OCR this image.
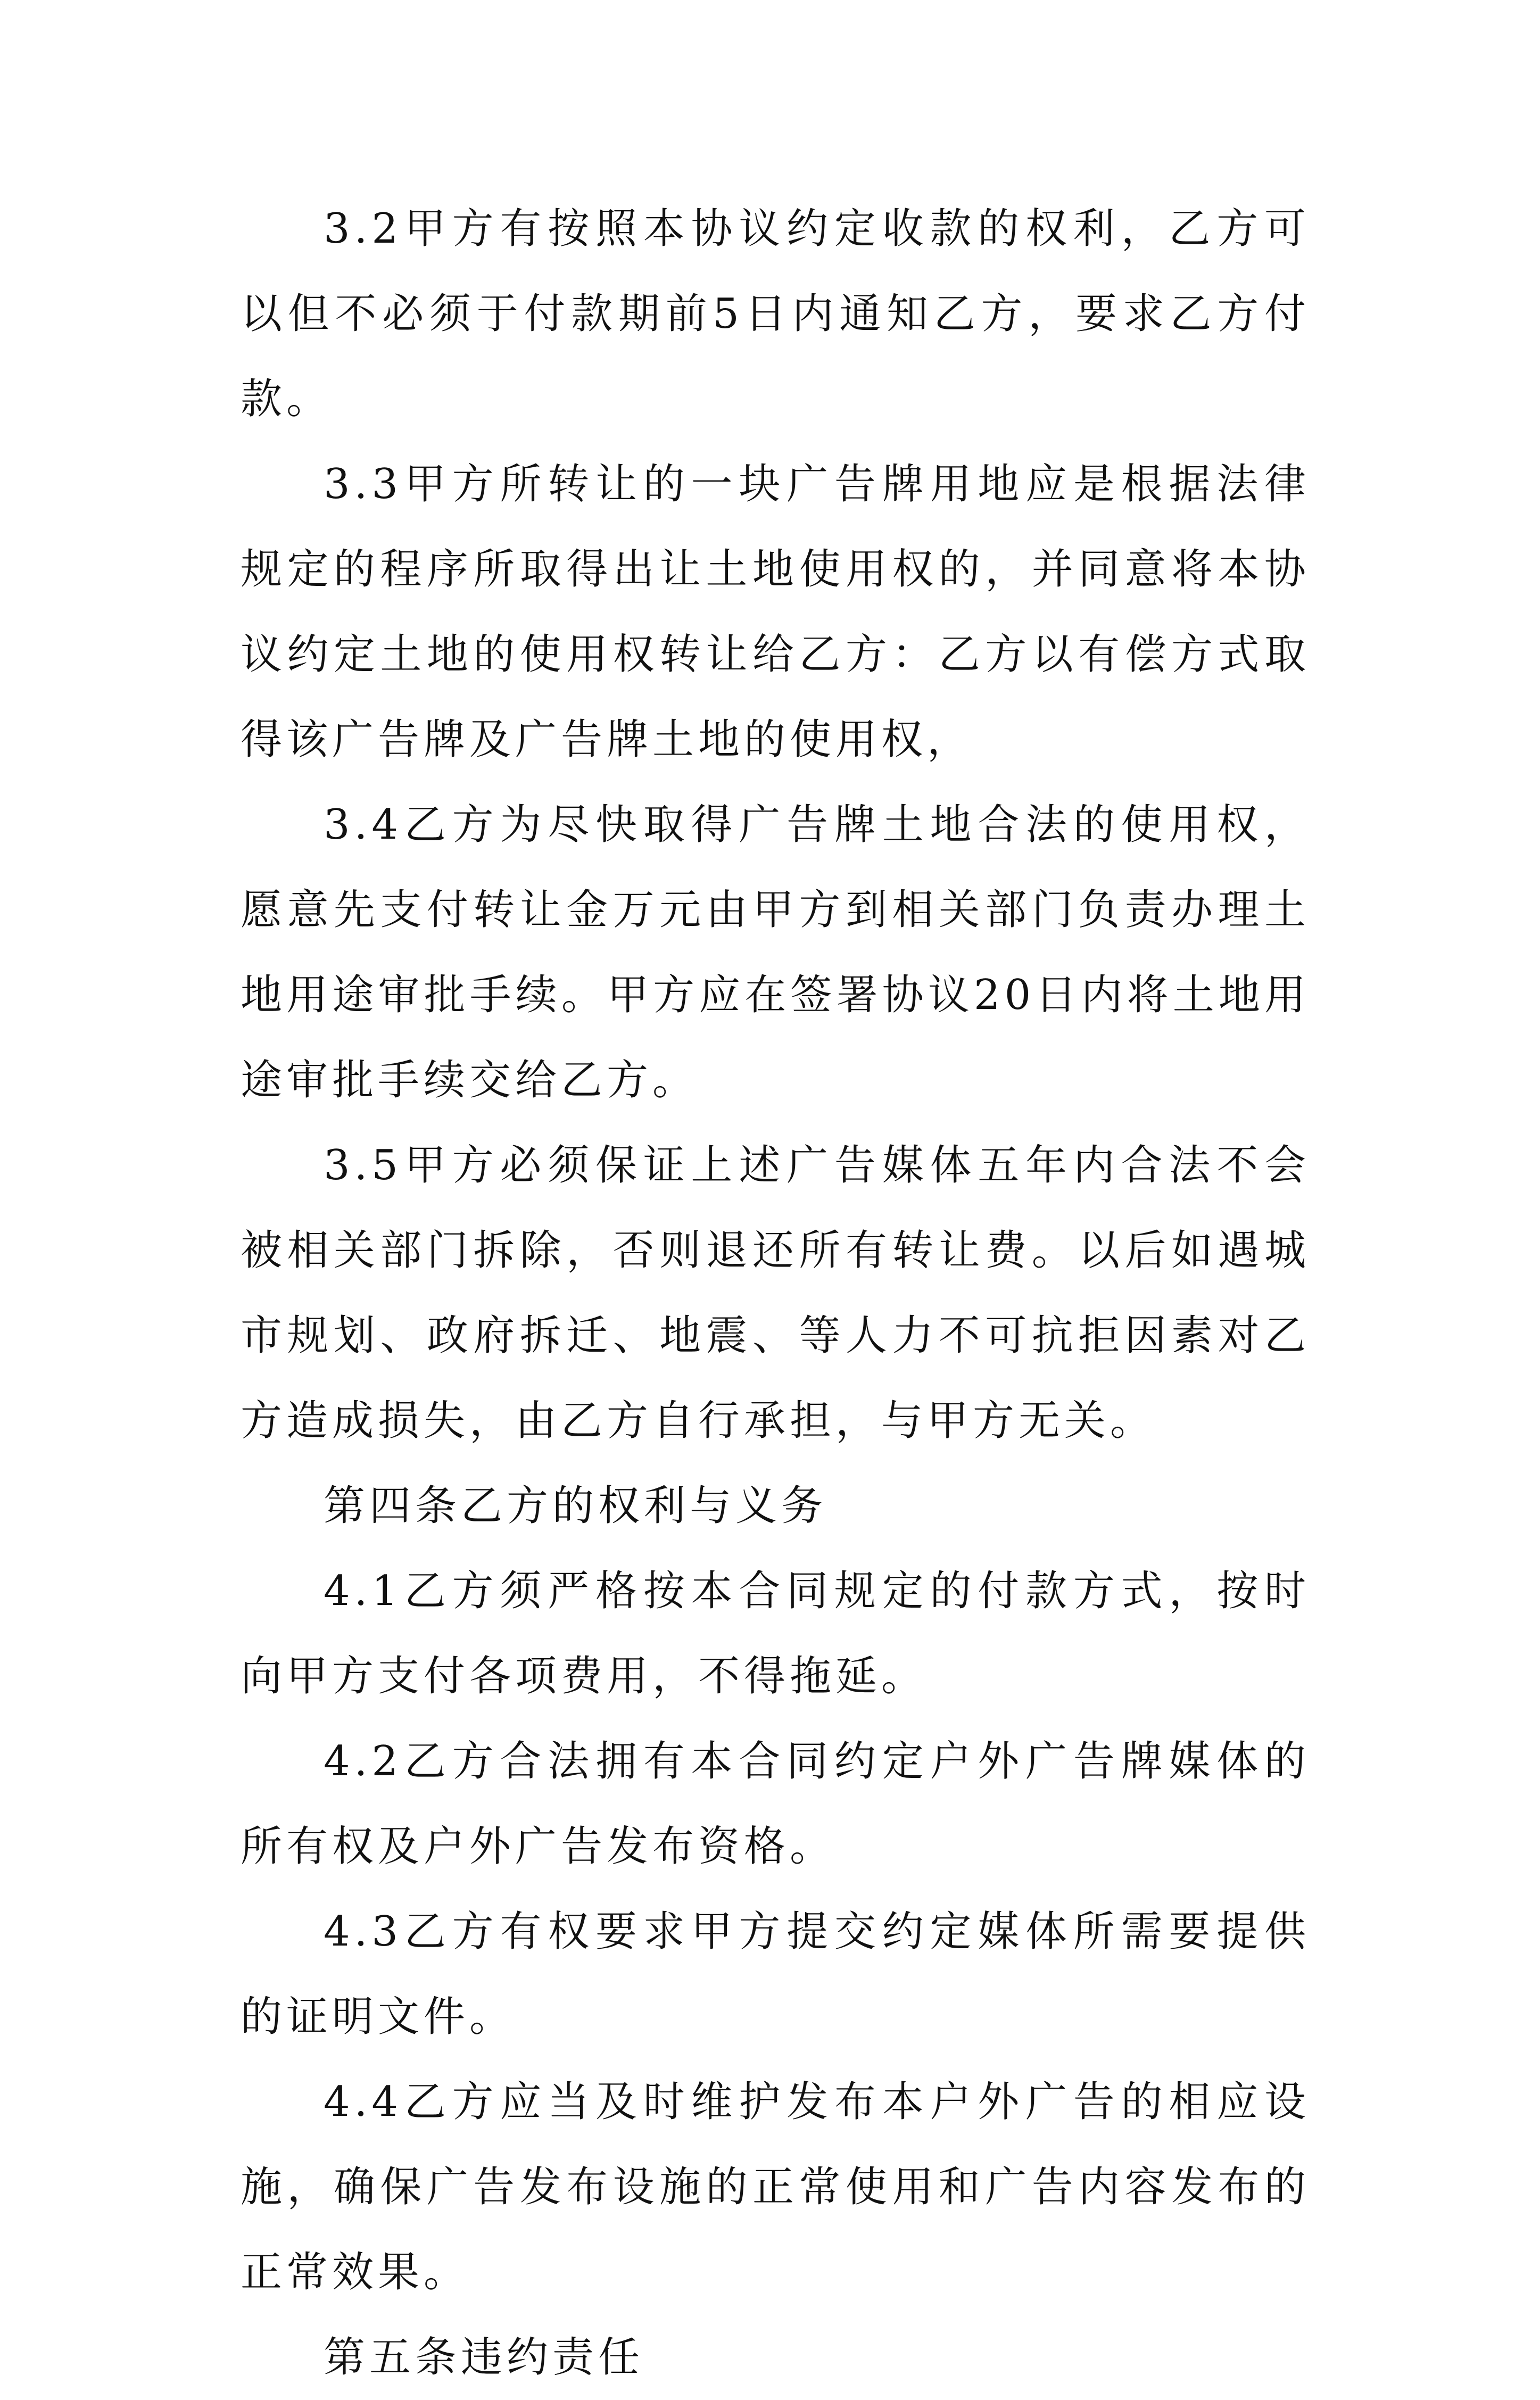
3.2甲方有按照本协议约定收款的权利，乙方可以但不必须于付款期前5日内通知乙方，要求乙方付款。

3.3甲方所转让的一块广告牌用地应是根据法律规定的程序所取得出让土地使用权的，并同意将本协议约定土地的使用权转让给乙方：乙方以有偿方式取得该广告牌及广告牌土地的使用权，

3.4乙方为尽快取得广告牌土地合法的使用权，愿意先支付转让金万元由甲方到相关部门负责办理土地用途审批手续。甲方应在签署协议20日内将土地用途审批手续交给乙方。

3.5甲方必须保证上述广告媒体五年内合法不会被相关部门拆除，否则退还所有转让费。以后如遇城市规划、政府拆迁、地震、等人力不可抗拒因素对乙方造成损失，由乙方自行承担，与甲方无关。

第四条乙方的权利与义务

4.1乙方须严格按本合同规定的付款方式，按时向甲方支付各项费用，不得拖延。

4.2乙方合法拥有本合同约定户外广告牌媒体的所有权及户外广告发布资格。

4.3乙方有权要求甲方提交约定媒体所需要提供的证明文件。

4.4乙方应当及时维护发布本户外广告的相应设施，确保广告发布设施的正常使用和广告内容发布的正常效果。

第五条违约责任
